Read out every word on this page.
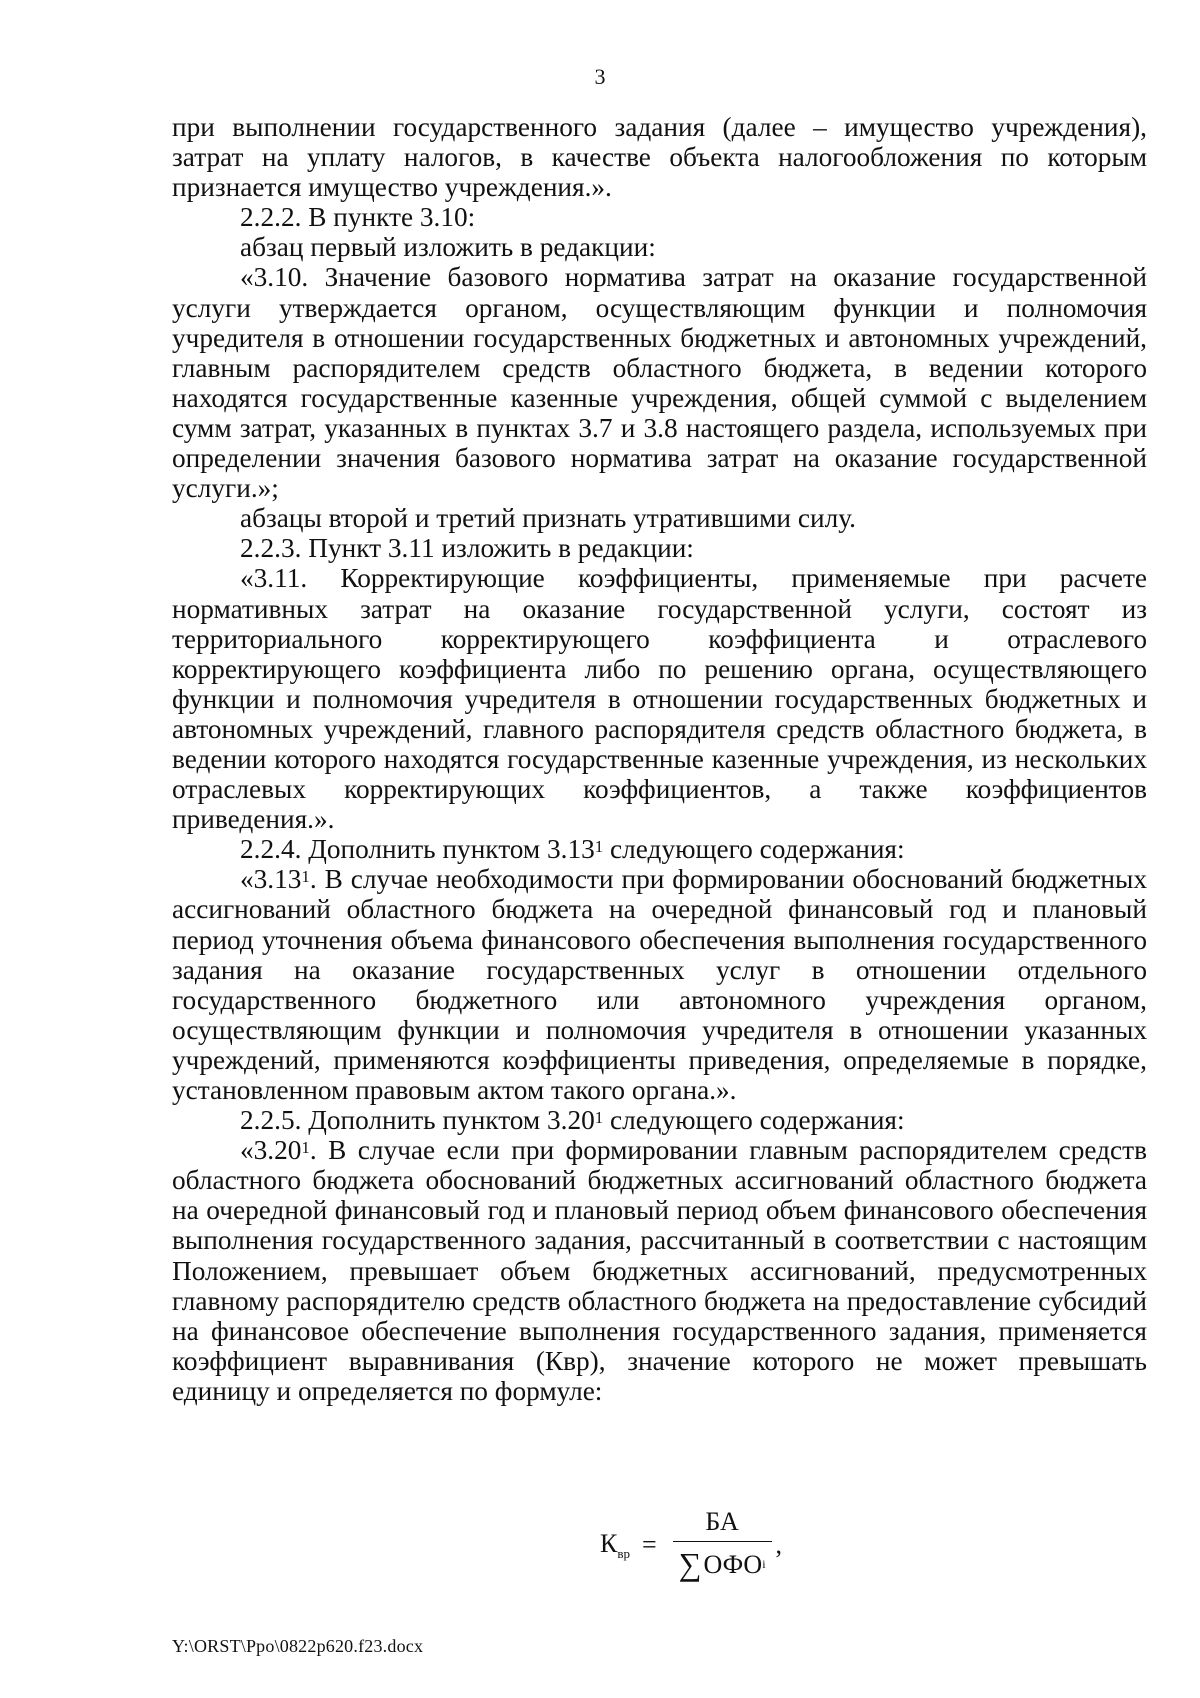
3

при выполнении государственного задания (далее – имущество учреждения), затрат на уплату налогов, в качестве объекта налогообложения по которым признается имущество учреждения.».

2.2.2. В пункте 3.10:

абзац первый изложить в редакции:

«3.10. Значение базового норматива затрат на оказание государственной услуги утверждается органом, осуществляющим функции и полномочия учредителя в отношении государственных бюджетных и автономных учреждений, главным распорядителем средств областного бюджета, в ведении которого находятся государственные казенные учреждения, общей суммой с выделением сумм затрат, указанных в пунктах 3.7 и 3.8 настоящего раздела, используемых при определении значения базового норматива затрат на оказание государственной услуги.»;

абзацы второй и третий признать утратившими силу.

2.2.3. Пункт 3.11 изложить в редакции:

«3.11. Корректирующие коэффициенты, применяемые при расчете нормативных затрат на оказание государственной услуги, состоят из территориального корректирующего коэффициента и отраслевого корректирующего коэффициента либо по решению органа, осуществляющего функции и полномочия учредителя в отношении государственных бюджетных и автономных учреждений, главного распорядителя средств областного бюджета, в ведении которого находятся государственные казенные учреждения, из нескольких отраслевых корректирующих коэффициентов, а также коэффициентов приведения.».

2.2.4. Дополнить пунктом 3.13$^1$ следующего содержания:

«3.13$^1$. В случае необходимости при формировании обоснований бюджетных ассигнований областного бюджета на очередной финансовый год и плановый период уточнения объема финансового обеспечения выполнения государственного задания на оказание государственных услуг в отношении отдельного государственного бюджетного или автономного учреждения органом, осуществляющим функции и полномочия учредителя в отношении указанных учреждений, применяются коэффициенты приведения, определяемые в порядке, установленном правовым актом такого органа.».

2.2.5. Дополнить пунктом 3.20$^1$ следующего содержания:

«3.20$^1$. В случае если при формировании главным распорядителем средств областного бюджета обоснований бюджетных ассигнований областного бюджета на очередной финансовый год и плановый период объем финансового обеспечения выполнения государственного задания, рассчитанный в соответствии с настоящим Положением, превышает объем бюджетных ассигнований, предусмотренных главному распорядителю средств областного бюджета на предоставление субсидий на финансовое обеспечение выполнения государственного задания, применяется коэффициент выравнивания (Квр), значение которого не может превышать единицу и определяется по формуле:

$К_{вр} = \frac{БА}{\text{∑ ОФО i}}$ ,
Y:\ORST\Ppo\0822p620.f23.docx
